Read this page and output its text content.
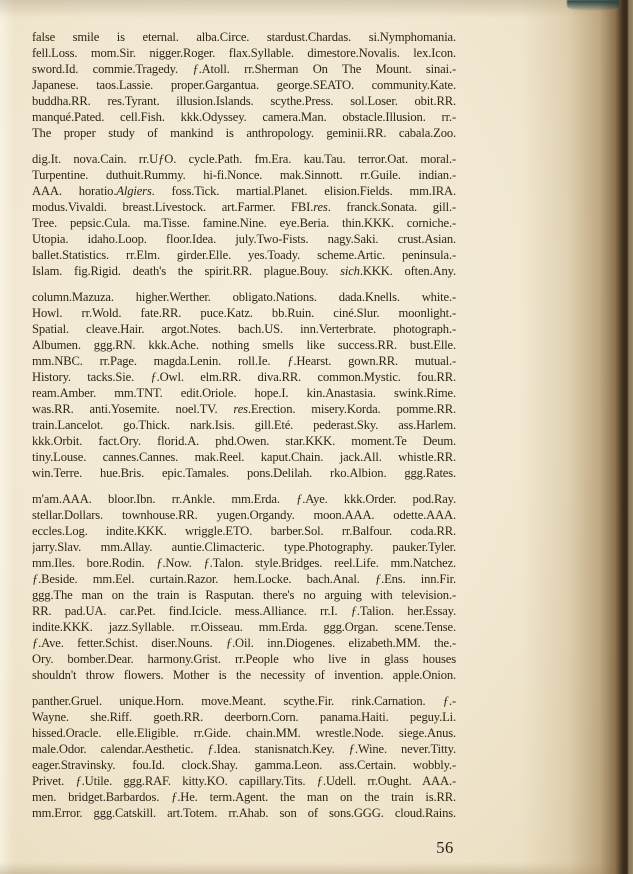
false smile is eternal. alba.Circe. stardust.Chardas. si.Nymphomania.
fell.Loss. mom.Sir. nigger.Roger. flax.Syllable. dimestore.Novalis. lex.Icon.
sword.Id. commie.Tragedy. ƒ.Atoll. rr.Sherman On The Mount. sinai.-
Japanese. taos.Lassie. proper.Gargantua. george.SEATO. community.Kate.
buddha.RR. res.Tyrant. illusion.Islands. scythe.Press. sol.Loser. obit.RR.
manqué.Pated. cell.Fish. kkk.Odyssey. camera.Man. obstacle.Illusion. rr.-
The proper study of mankind is anthropology. geminii.RR. cabala.Zoo.
dig.It. nova.Cain. rr.UƒO. cycle.Path. fm.Era. kau.Tau. terror.Oat. moral.-
Turpentine. duthuit.Rummy. hi-fi.Nonce. mak.Sinnott. rr.Guile. indian.-
AAA. horatio.Algiers. foss.Tick. martial.Planet. elision.Fields. mm.IRA.
modus.Vivaldi. breast.Livestock. art.Farmer. FBI.res. franck.Sonata. gill.-
Tree. pepsic.Cula. ma.Tisse. famine.Nine. eye.Beria. thin.KKK. corniche.-
Utopia. idaho.Loop. floor.Idea. july.Two-Fists. nagy.Saki. crust.Asian.
ballet.Statistics. rr.Elm. girder.Elle. yes.Toady. scheme.Artic. peninsula.-
Islam. fig.Rigid. death's the spirit.RR. plague.Bouy. sich.KKK. often.Any.
column.Mazuza. higher.Werther. obligato.Nations. dada.Knells. white.-
Howl. rr.Wold. fate.RR. puce.Katz. bb.Ruin. ciné.Slur. moonlight.-
Spatial. cleave.Hair. argot.Notes. bach.US. inn.Verterbrate. photograph.-
Albumen. ggg.RN. kkk.Ache. nothing smells like success.RR. bust.Elle.
mm.NBC. rr.Page. magda.Lenin. roll.Ie. ƒ.Hearst. gown.RR. mutual.-
History. tacks.Sie. ƒ.Owl. elm.RR. diva.RR. common.Mystic. fou.RR.
ream.Amber. mm.TNT. edit.Oriole. hope.I. kin.Anastasia. swink.Rime.
was.RR. anti.Yosemite. noel.TV. res.Erection. misery.Korda. pomme.RR.
train.Lancelot. go.Thick. nark.Isis. gill.Eté. pederast.Sky. ass.Harlem.
kkk.Orbit. fact.Ory. florid.A. phd.Owen. star.KKK. moment.Te Deum.
tiny.Louse. cannes.Cannes. mak.Reel. kaput.Chain. jack.All. whistle.RR.
win.Terre. hue.Bris. epic.Tamales. pons.Delilah. rko.Albion. ggg.Rates.
m'am.AAA. bloor.Ibn. rr.Ankle. mm.Erda. ƒ.Aye. kkk.Order. pod.Ray.
stellar.Dollars. townhouse.RR. yugen.Organdy. moon.AAA. odette.AAA.
eccles.Log. indite.KKK. wriggle.ETO. barber.Sol. rr.Balfour. coda.RR.
jarry.Slav. mm.Allay. auntie.Climacteric. type.Photography. pauker.Tyler.
mm.Iles. bore.Rodin. ƒ.Now. ƒ.Talon. style.Bridges. reel.Life. mm.Natchez.
ƒ.Beside. mm.Eel. curtain.Razor. hem.Locke. bach.Anal. ƒ.Ens. inn.Fir.
ggg.The man on the train is Rasputan. there's no arguing with television.-
RR. pad.UA. car.Pet. find.Icicle. mess.Alliance. rr.I. ƒ.Talion. her.Essay.
indite.KKK. jazz.Syllable. rr.Oisseau. mm.Erda. ggg.Organ. scene.Tense.
ƒ.Ave. fetter.Schist. diser.Nouns. ƒ.Oil. inn.Diogenes. elizabeth.MM. the.-
Ory. bomber.Dear. harmony.Grist. rr.People who live in glass houses
shouldn't throw flowers. Mother is the necessity of invention. apple.Onion.
panther.Gruel. unique.Horn. move.Meant. scythe.Fir. rink.Carnation. ƒ.-
Wayne. she.Riff. goeth.RR. deerborn.Corn. panama.Haiti. peguy.Li.
hissed.Oracle. elle.Eligible. rr.Gide. chain.MM. wrestle.Node. siege.Anus.
male.Odor. calendar.Aesthetic. ƒ.Idea. stanisnatch.Key. ƒ.Wine. never.Titty.
eager.Stravinsky. fou.Id. clock.Shay. gamma.Leon. ass.Certain. wobbly.-
Privet. ƒ.Utile. ggg.RAF. kitty.KO. capillary.Tits. ƒ.Udell. rr.Ought. AAA.-
men. bridget.Barbardos. ƒ.He. term.Agent. the man on the train is.RR.
mm.Error. ggg.Catskill. art.Totem. rr.Ahab. son of sons.GGG. cloud.Rains.
56
